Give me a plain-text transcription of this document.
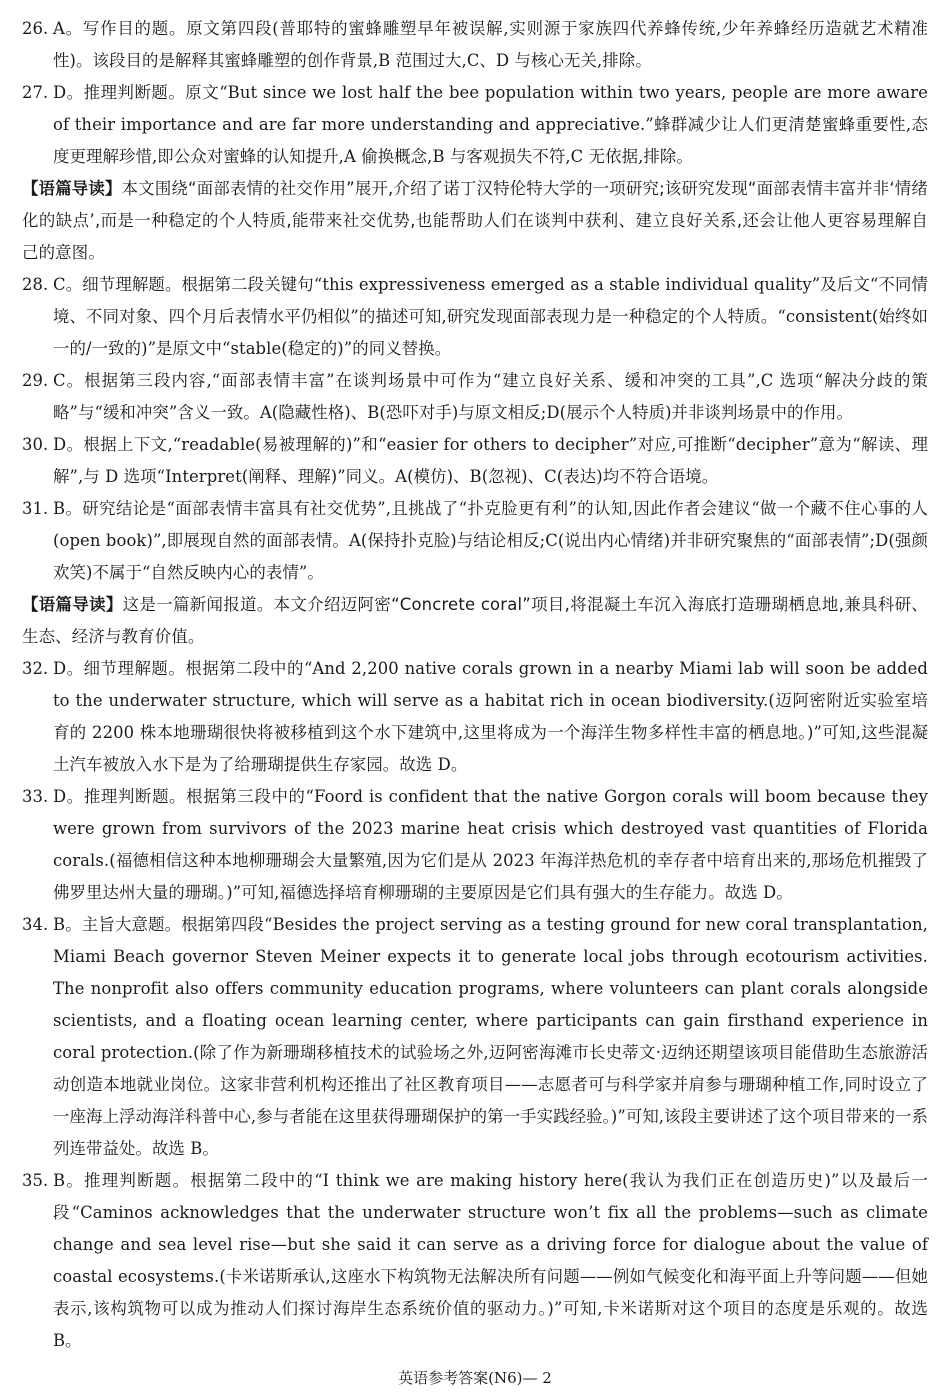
26. A。写作目的题。原文第四段(普耶特的蜜蜂雕塑早年被误解,实则源于家族四代养蜂传统,少年养蜂经历造就艺术精准性)。该段目的是解释其蜜蜂雕塑的创作背景,B 范围过大,C、D 与核心无关,排除。
27. D。推理判断题。原文“But since we lost half the bee population within two years, people are more aware of their importance and are far more understanding and appreciative.”蜂群减少让人们更清楚蜜蜂重要性,态度更理解珍惜,即公众对蜜蜂的认知提升,A 偷换概念,B 与客观损失不符,C 无依据,排除。
【语篇导读】本文围绕“面部表情的社交作用”展开,介绍了诺丁汉特伦特大学的一项研究;该研究发现“面部表情丰富并非‘情绪化的缺点’,而是一种稳定的个人特质,能带来社交优势,也能帮助人们在谈判中获利、建立良好关系,还会让他人更容易理解自己的意图。
28. C。细节理解题。根据第二段关键句“this expressiveness emerged as a stable individual quality”及后文“不同情境、不同对象、四个月后表情水平仍相似”的描述可知,研究发现面部表现力是一种稳定的个人特质。“consistent(始终如一的/一致的)”是原文中“stable(稳定的)”的同义替换。
29. C。根据第三段内容,“面部表情丰富”在谈判场景中可作为“建立良好关系、缓和冲突的工具”,C 选项“解决分歧的策略”与“缓和冲突”含义一致。A(隐藏性格)、B(恐吓对手)与原文相反;D(展示个人特质)并非谈判场景中的作用。
30. D。根据上下文,“readable(易被理解的)”和“easier for others to decipher”对应,可推断“decipher”意为“解读、理解”,与 D 选项“Interpret(阐释、理解)”同义。A(模仿)、B(忽视)、C(表达)均不符合语境。
31. B。研究结论是“面部表情丰富具有社交优势”,且挑战了“扑克脸更有利”的认知,因此作者会建议“做一个藏不住心事的人(open book)”,即展现自然的面部表情。A(保持扑克脸)与结论相反;C(说出内心情绪)并非研究聚焦的“面部表情”;D(强颜欢笑)不属于“自然反映内心的表情”。
【语篇导读】这是一篇新闻报道。本文介绍迈阿密“Concrete coral”项目,将混凝土车沉入海底打造珊瑚栖息地,兼具科研、生态、经济与教育价值。
32. D。细节理解题。根据第二段中的“And 2,200 native corals grown in a nearby Miami lab will soon be added to the underwater structure, which will serve as a habitat rich in ocean biodiversity.(迈阿密附近实验室培育的 2200 株本地珊瑚很快将被移植到这个水下建筑中,这里将成为一个海洋生物多样性丰富的栖息地。)”可知,这些混凝土汽车被放入水下是为了给珊瑚提供生存家园。故选 D。
33. D。推理判断题。根据第三段中的“Foord is confident that the native Gorgon corals will boom because they were grown from survivors of the 2023 marine heat crisis which destroyed vast quantities of Florida corals.(福德相信这种本地柳珊瑚会大量繁殖,因为它们是从 2023 年海洋热危机的幸存者中培育出来的,那场危机摧毁了佛罗里达州大量的珊瑚。)”可知,福德选择培育柳珊瑚的主要原因是它们具有强大的生存能力。故选 D。
34. B。主旨大意题。根据第四段“Besides the project serving as a testing ground for new coral transplantation, Miami Beach governor Steven Meiner expects it to generate local jobs through ecotourism activities. The nonprofit also offers community education programs, where volunteers can plant corals alongside scientists, and a floating ocean learning center, where participants can gain firsthand experience in coral protection.(除了作为新珊瑚移植技术的试验场之外,迈阿密海滩市长史蒂文·迈纳还期望该项目能借助生态旅游活动创造本地就业岗位。这家非营利机构还推出了社区教育项目——志愿者可与科学家并肩参与珊瑚种植工作,同时设立了一座海上浮动海洋科普中心,参与者能在这里获得珊瑚保护的第一手实践经验。)”可知,该段主要讲述了这个项目带来的一系列连带益处。故选 B。
35. B。推理判断题。根据第二段中的“I think we are making history here(我认为我们正在创造历史)”以及最后一段“Caminos acknowledges that the underwater structure won’t fix all the problems—such as climate change and sea level rise—but she said it can serve as a driving force for dialogue about the value of coastal ecosystems.(卡米诺斯承认,这座水下构筑物无法解决所有问题——例如气候变化和海平面上升等问题——但她表示,该构筑物可以成为推动人们探讨海岸生态系统价值的驱动力。)”可知,卡米诺斯对这个项目的态度是乐观的。故选 B。
英语参考答案(N6)— 2
